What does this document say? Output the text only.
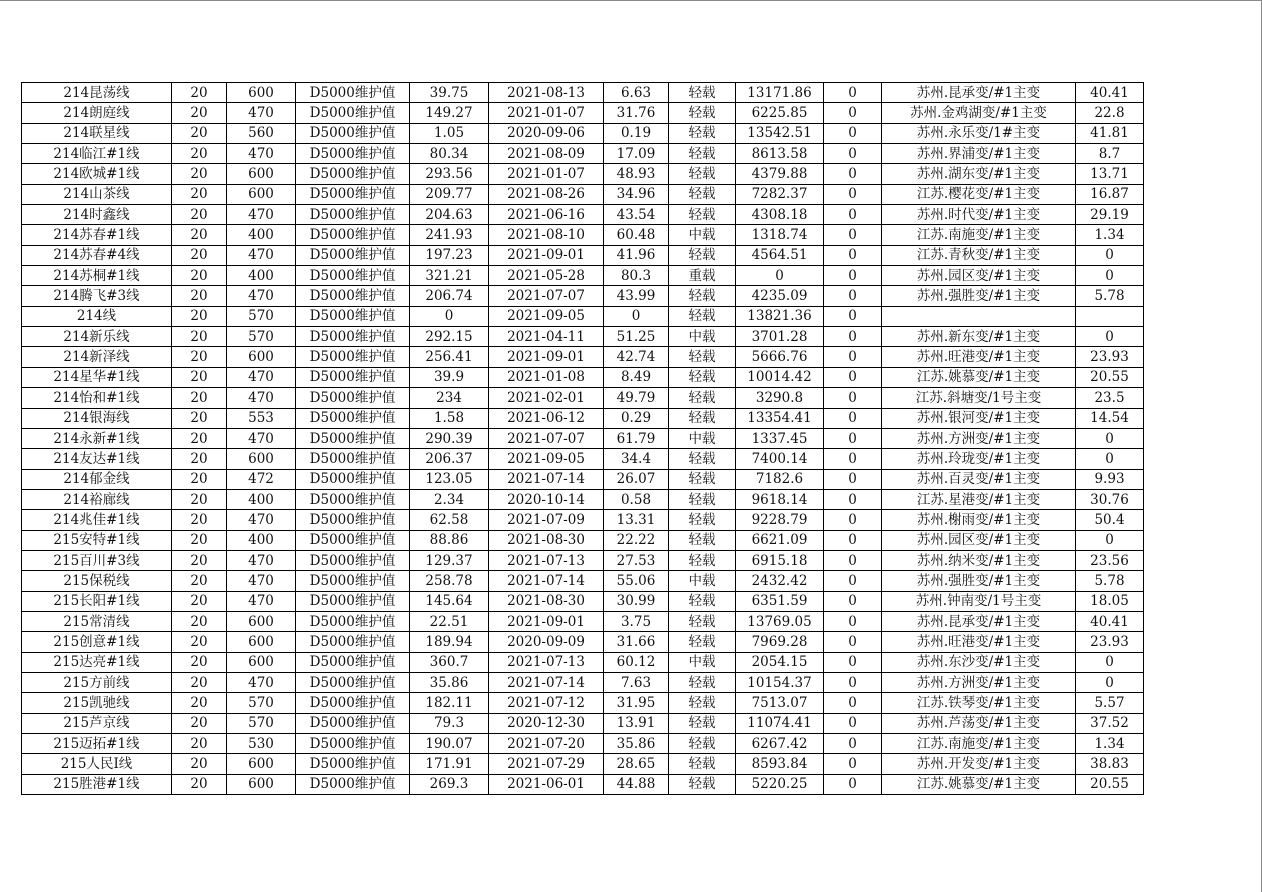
214昆荡线	20	600	D5000维护值	39.75	2021-08-13	6.63	轻载	13171.86	0	苏州.昆承变/#1主变	40.41
214朗庭线	20	470	D5000维护值	149.27	2021-01-07	31.76	轻载	6225.85	0	苏州.金鸡湖变/#1主变	22.8
214联星线	20	560	D5000维护值	1.05	2020-09-06	0.19	轻载	13542.51	0	苏州.永乐变/1#主变	41.81
214临江#1线	20	470	D5000维护值	80.34	2021-08-09	17.09	轻载	8613.58	0	苏州.界浦变/#1主变	8.7
214欧城#1线	20	600	D5000维护值	293.56	2021-01-07	48.93	轻载	4379.88	0	苏州.湖东变/#1主变	13.71
214山茶线	20	600	D5000维护值	209.77	2021-08-26	34.96	轻载	7282.37	0	江苏.樱花变/#1主变	16.87
214时鑫线	20	470	D5000维护值	204.63	2021-06-16	43.54	轻载	4308.18	0	苏州.时代变/#1主变	29.19
214苏春#1线	20	400	D5000维护值	241.93	2021-08-10	60.48	中载	1318.74	0	江苏.南施变/#1主变	1.34
214苏春#4线	20	470	D5000维护值	197.23	2021-09-01	41.96	轻载	4564.51	0	江苏.青秋变/#1主变	0
214苏桐#1线	20	400	D5000维护值	321.21	2021-05-28	80.3	重载	0	0	苏州.园区变/#1主变	0
214腾飞#3线	20	470	D5000维护值	206.74	2021-07-07	43.99	轻载	4235.09	0	苏州.强胜变/#1主变	5.78
214线	20	570	D5000维护值	0	2021-09-05	0	轻载	13821.36	0		
214新乐线	20	570	D5000维护值	292.15	2021-04-11	51.25	中载	3701.28	0	苏州.新东变/#1主变	0
214新泽线	20	600	D5000维护值	256.41	2021-09-01	42.74	轻载	5666.76	0	苏州.旺港变/#1主变	23.93
214星华#1线	20	470	D5000维护值	39.9	2021-01-08	8.49	轻载	10014.42	0	江苏.姚慕变/#1主变	20.55
214怡和#1线	20	470	D5000维护值	234	2021-02-01	49.79	轻载	3290.8	0	江苏.斜塘变/1号主变	23.5
214银海线	20	553	D5000维护值	1.58	2021-06-12	0.29	轻载	13354.41	0	苏州.银河变/#1主变	14.54
214永新#1线	20	470	D5000维护值	290.39	2021-07-07	61.79	中载	1337.45	0	苏州.方洲变/#1主变	0
214友达#1线	20	600	D5000维护值	206.37	2021-09-05	34.4	轻载	7400.14	0	苏州.玲珑变/#1主变	0
214郁金线	20	472	D5000维护值	123.05	2021-07-14	26.07	轻载	7182.6	0	苏州.百灵变/#1主变	9.93
214裕廊线	20	400	D5000维护值	2.34	2020-10-14	0.58	轻载	9618.14	0	江苏.星港变/#1主变	30.76
214兆佳#1线	20	470	D5000维护值	62.58	2021-07-09	13.31	轻载	9228.79	0	苏州.榭雨变/#1主变	50.4
215安特#1线	20	400	D5000维护值	88.86	2021-08-30	22.22	轻载	6621.09	0	苏州.园区变/#1主变	0
215百川#3线	20	470	D5000维护值	129.37	2021-07-13	27.53	轻载	6915.18	0	苏州.纳米变/#1主变	23.56
215保税线	20	470	D5000维护值	258.78	2021-07-14	55.06	中载	2432.42	0	苏州.强胜变/#1主变	5.78
215长阳#1线	20	470	D5000维护值	145.64	2021-08-30	30.99	轻载	6351.59	0	苏州.钟南变/1号主变	18.05
215常清线	20	600	D5000维护值	22.51	2021-09-01	3.75	轻载	13769.05	0	苏州.昆承变/#1主变	40.41
215创意#1线	20	600	D5000维护值	189.94	2020-09-09	31.66	轻载	7969.28	0	苏州.旺港变/#1主变	23.93
215达亮#1线	20	600	D5000维护值	360.7	2021-07-13	60.12	中载	2054.15	0	苏州.东沙变/#1主变	0
215方前线	20	470	D5000维护值	35.86	2021-07-14	7.63	轻载	10154.37	0	苏州.方洲变/#1主变	0
215凯驰线	20	570	D5000维护值	182.11	2021-07-12	31.95	轻载	7513.07	0	江苏.铁琴变/#1主变	5.57
215芦京线	20	570	D5000维护值	79.3	2020-12-30	13.91	轻载	11074.41	0	苏州.芦荡变/#1主变	37.52
215迈拓#1线	20	530	D5000维护值	190.07	2021-07-20	35.86	轻载	6267.42	0	江苏.南施变/#1主变	1.34
215人民I线	20	600	D5000维护值	171.91	2021-07-29	28.65	轻载	8593.84	0	苏州.开发变/#1主变	38.83
215胜港#1线	20	600	D5000维护值	269.3	2021-06-01	44.88	轻载	5220.25	0	江苏.姚慕变/#1主变	20.55
